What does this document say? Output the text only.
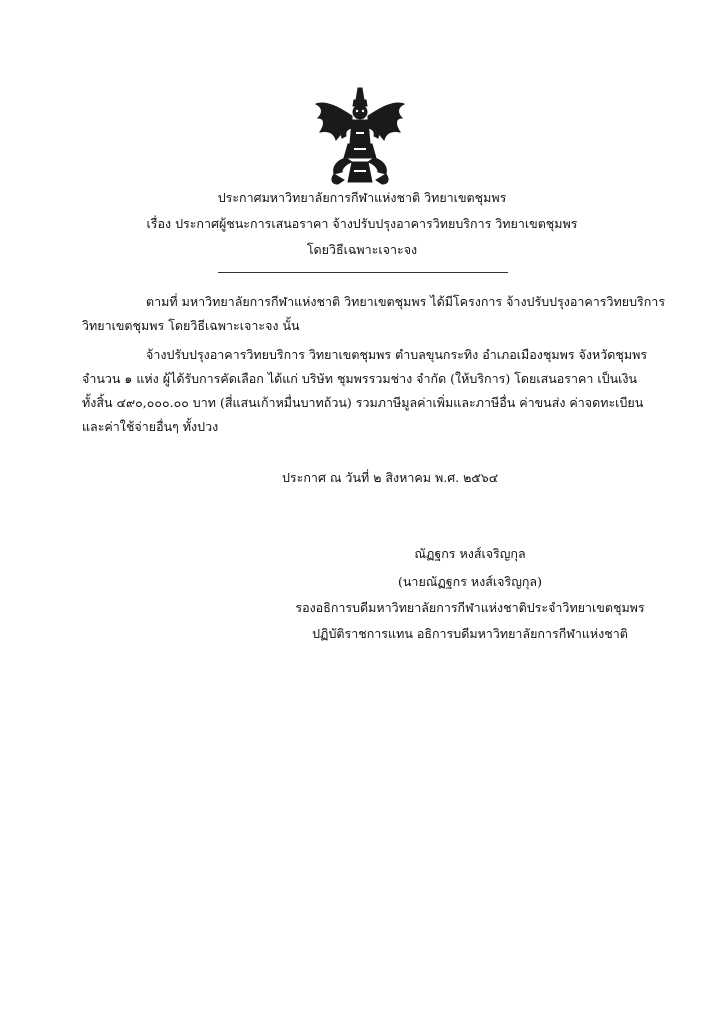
ประกาศมหาวิทยาลัยการกีฬาแห่งชาติ วิทยาเขตชุมพร
เรื่อง ประกาศผู้ชนะการเสนอราคา จ้างปรับปรุงอาคารวิทยบริการ วิทยาเขตชุมพร
โดยวิธีเฉพาะเจาะจง
ตามที่ มหาวิทยาลัยการกีฬาแห่งชาติ วิทยาเขตชุมพร ได้มีโครงการ จ้างปรับปรุงอาคารวิทยบริการ
วิทยาเขตชุมพร โดยวิธีเฉพาะเจาะจง นั้น
จ้างปรับปรุงอาคารวิทยบริการ วิทยาเขตชุมพร ตำบลขุนกระทิง อำเภอเมืองชุมพร จังหวัดชุมพร
จำนวน ๑ แห่ง ผู้ได้รับการคัดเลือก ได้แก่ บริษัท ชุมพรรวมช่าง จำกัด (ให้บริการ) โดยเสนอราคา เป็นเงิน
ทั้งสิ้น ๔๙๐,๐๐๐.๐๐ บาท (สี่แสนเก้าหมื่นบาทถ้วน) รวมภาษีมูลค่าเพิ่มและภาษีอื่น ค่าขนส่ง ค่าจดทะเบียน
และค่าใช้จ่ายอื่นๆ ทั้งปวง
ประกาศ ณ วันที่ ๒ สิงหาคม พ.ศ. ๒๕๖๔
ณัฏฐกร หงส์เจริญกุล
(นายณัฏฐกร หงส์เจริญกุล)
รองอธิการบดีมหาวิทยาลัยการกีฬาแห่งชาติประจำวิทยาเขตชุมพร
ปฏิบัติราชการแทน อธิการบดีมหาวิทยาลัยการกีฬาแห่งชาติ
